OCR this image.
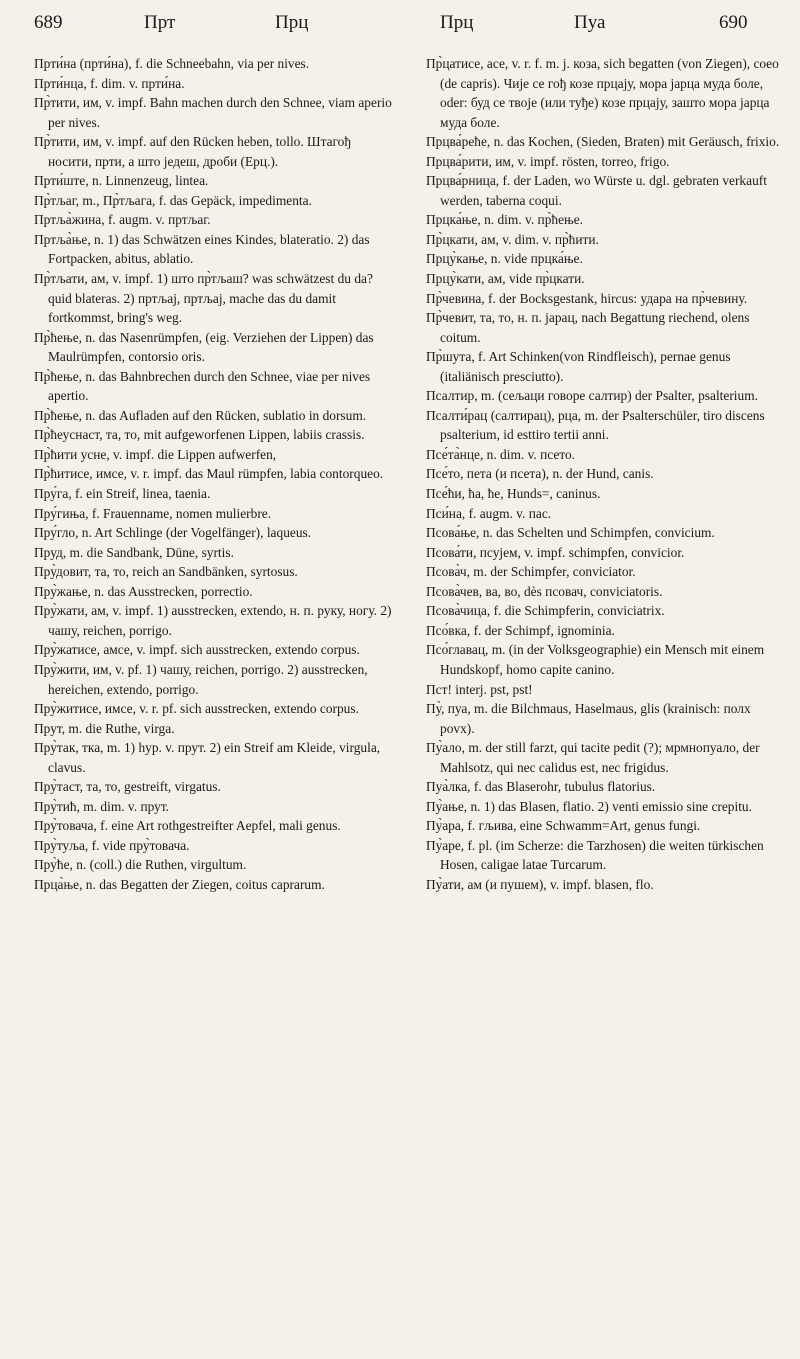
689	Прт	Прц	Прц	Пуа	690

Прти́на (прти́на), f. die Schneebahn, via per nives.

Прти́нца, f. dim. v. прти́на.

Пр̀тити, им, v. impf. Bahn machen durch den Schnee, viam aperio per nives.

Пр̀тити, им, v. impf. auf den Rücken heben, tollo. Штагођ носити, прти, а што једеш, дроби (Ерц.).

Прти́ште, n. Linnenzeug, lintea.

Пр̀тљаг, m., Пр̀тљага, f. das Gepäck, impedimenta.

Пртља̀жина, f. augm. v. пртљаг.

Пртља̀ње, n. 1) das Schwätzen eines Kindes, blateratio. 2) das Fortpacken, abitus, ablatio.

Пр̀тљати, ам, v. impf. 1) што пр̀тљаш? was schwätzest du da? quid blateras. 2) пртљај, пртљај, mache das du damit fortkommst, bring's weg.

Пр̀ћење, n. das Nasenrümpfen, (eig. Verziehen der Lippen) das Maulrümpfen, contorsio oris.

Пр̀ћење, n. das Bahnbrechen durch den Schnee, viae per nives apertio.

Пр̀ћење, n. das Aufladen auf den Rücken, sublatio in dorsum.

Пр̀ћеуснаст, та, то, mit aufgeworfenen Lippen, labiis crassis.

Пр̀ћити усне, v. impf. die Lippen aufwerfen,

Пр̀ћитисе, имсе, v. r. impf. das Maul rümpfen, labia contorqueo.

Пру́га, f. ein Streif, linea, taenia.

Пру́гиња, f. Frauenname, nomen mulierbre.

Пру́гло, n. Art Schlinge (der Vogelfänger), laqueus.

Пруд, m. die Sandbank, Düne, syrtis.

Пру̀довит, та, то, reich an Sandbänken, syrtosus.

Пру̀жање, n. das Ausstrecken, porrectio.

Пру̀жати, ам, v. impf. 1) ausstrecken, extendo, н. п. руку, ногу. 2) чашу, reichen, porrigo.

Пру̀жатисе, амсе, v. impf. sich ausstrecken, extendo corpus.

Пру̀жити, им, v. pf. 1) чашу, reichen, porrigo. 2) ausstrecken, hereichen, extendo, porrigo.

Пру̀житисе, имсе, v. r. pf. sich ausstrecken, extendo corpus.

Прут, m. die Ruthe, virga.

Пру̀так, тка, m. 1) hyp. v. прут. 2) ein Streif am Kleide, virgula, clavus.

Пру̀таст, та, то, gestreift, virgatus.

Пру̀тић, m. dim. v. прут.

Пру̀товача, f. eine Art rothgestreifter Aepfel, mali genus.

Пру̀туља, f. vide пру̀товача.

Пру̀ће, n. (coll.) die Ruthen, virgultum.

Прца̀ње, n. das Begatten der Ziegen, coitus caprarum.

Пр̀цатисе, асе, v. r. f. m. j. коза, sich begatten (von Ziegen), coeo (de capris). Чије се гођ козе прцају, мора јарца муда боле, oder: буд се твоје (или туђе) козе прцају, зашто мора јарца муда боле.

Прцва́реће, n. das Kochen, (Sieden, Braten) mit Geräusch, frixio.

Прцва́рити, им, v. impf. rösten, torreo, frigo.

Прцва́рница, f. der Laden, wo Würste u. dgl. gebraten verkauft werden, taberna coqui.

Прцка́ње, n. dim. v. пр̀ћење.

Пр̀цкати, ам, v. dim. v. пр̀ћити.

Прцу̀кање, n. vide прцка́ње.

Прцу̀кати, ам, vide пр̀цкати.

Пр̀чевина, f. der Bocksgestank, hircus: удара на пр̀чевину.

Пр̀чевит, та, то, н. п. јарац, nach Begattung riechend, olens coitum.

Пр̀шута, f. Art Schinken(von Rindfleisch), pernae genus (italiänisch presciutto).

Псалтир, m. (сељаци говоре салтир) der Psalter, psalterium.

Псалти́рац (салтирац), рца, m. der Psalterschüler, tiro discens psalterium, id esttiro tertii anni.

Псе́та̀нце, n. dim. v. псето.

Псе́то, пета (и псета), n. der Hund, canis.

Псе́ћи, ћа, ће, Hunds=, caninus.

Пси́на, f. augm. v. пас.

Псова́ње, n. das Schelten und Schimpfen, convicium.

Псова́ти, псујем, v. impf. schimpfen, convicior.

Псова̀ч, m. der Schimpfer, conviciator.

Псова̀чев, ва, во, dès псовач, conviciatoris.

Псова̀чица, f. die Schimpferin, conviciatrix.

Псо́вка, f. der Schimpf, ignominia.

Псо́главац, m. (in der Volksgeographie) ein Mensch mit einem Hundskopf, homo capite canino.

Пст! interj. pst, pst!

Пу̀, пуа, m. die Bilchmaus, Haselmaus, glis (krainisch: полх povx).

Пу̀ало, m. der still farzt, qui tacite pedit (?); мрмнопуало, der Mahlsotz, qui nec calidus est, nec frigidus.

Пуа̀лка, f. das Blaserohr, tubulus flatorius.

Пу̀ање, n. 1) das Blasen, flatio. 2) venti emissio sine crepitu.

Пу̀ара, f. гљива, eine Schwamm=Art, genus fungi.

Пу̀аре, f. pl. (im Scherze: die Tarzhosen) die weiten türkischen Hosen, caligae latae Turcarum.

Пу̀ати, ам (и пушем), v. impf. blasen, flo.
